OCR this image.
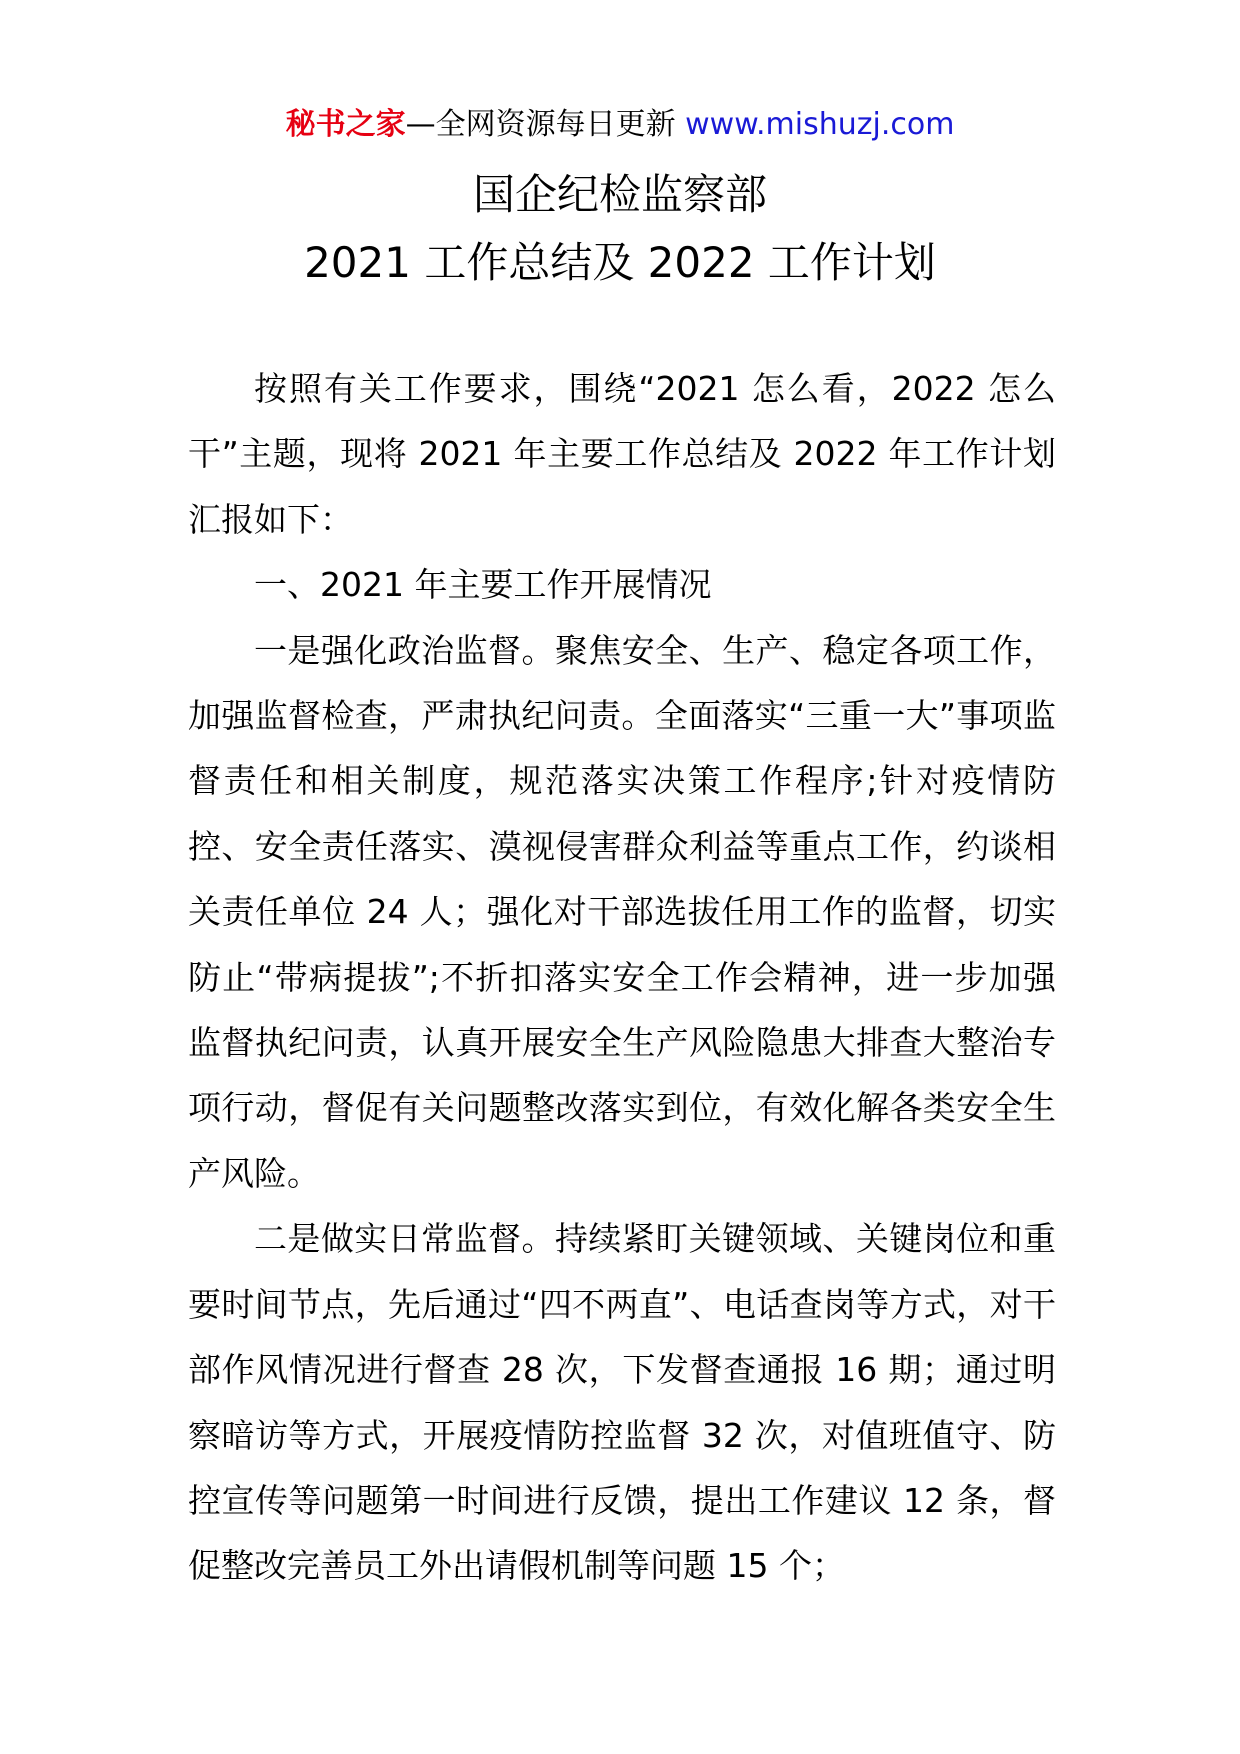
秘书之家—全网资源每日更新 www.mishuzj.com
国企纪检监察部
2021 工作总结及 2022 工作计划

按照有关工作要求，围绕“2021 怎么看，2022 怎么干”主题，现将 2021 年主要工作总结及 2022 年工作计划汇报如下：

一、2021 年主要工作开展情况

一是强化政治监督。聚焦安全、生产、稳定各项工作，加强监督检查，严肃执纪问责。全面落实“三重一大”事项监督责任和相关制度，规范落实决策工作程序;针对疫情防控、安全责任落实、漠视侵害群众利益等重点工作，约谈相关责任单位 24 人；强化对干部选拔任用工作的监督，切实防止“带病提拔”;不折扣落实安全工作会精神，进一步加强监督执纪问责，认真开展安全生产风险隐患大排查大整治专项行动，督促有关问题整改落实到位，有效化解各类安全生产风险。

二是做实日常监督。持续紧盯关键领域、关键岗位和重要时间节点，先后通过“四不两直”、电话查岗等方式，对干部作风情况进行督查 28 次，下发督查通报 16 期；通过明察暗访等方式，开展疫情防控监督 32 次，对值班值守、防控宣传等问题第一时间进行反馈，提出工作建议 12 条，督促整改完善员工外出请假机制等问题 15 个；
